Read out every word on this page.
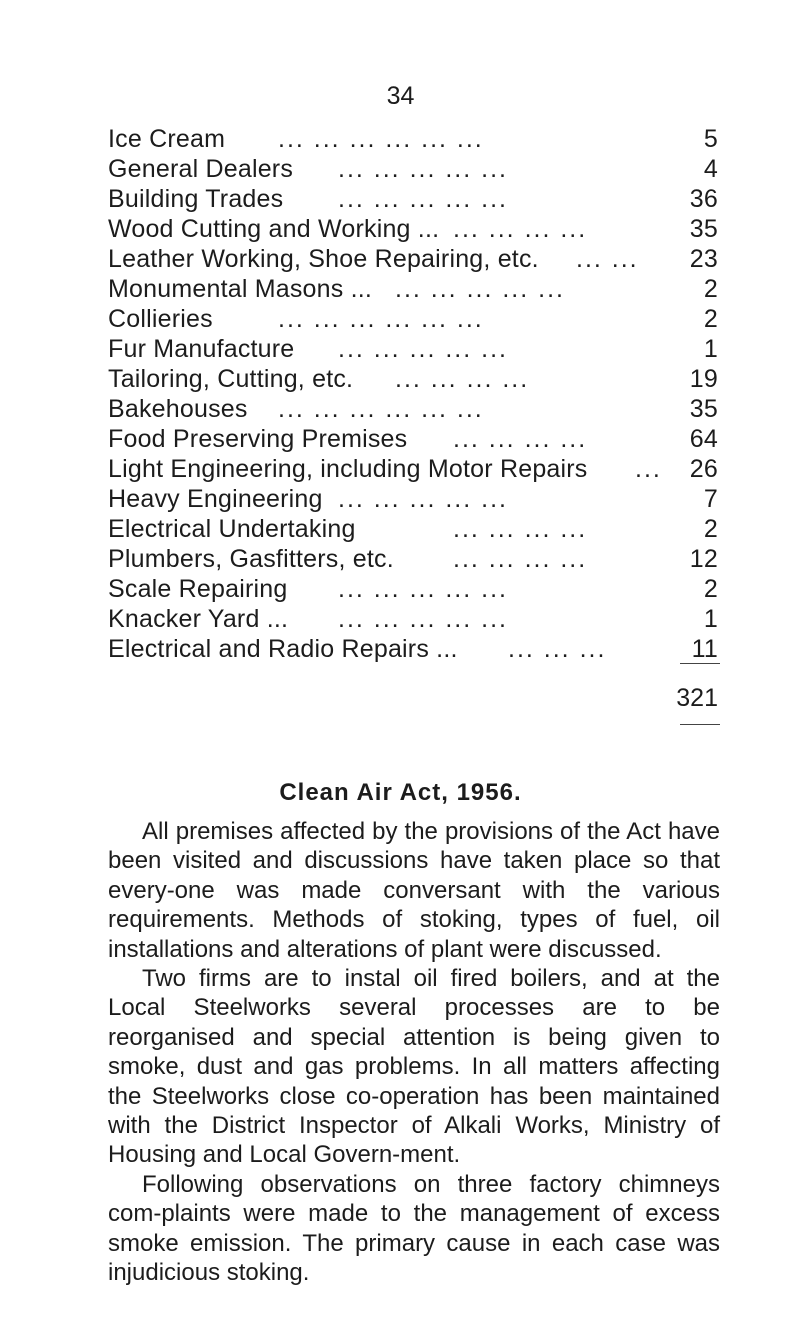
34
Ice Cream ... ... ... ... ... ...	5
General Dealers ... ... ... ... ...	4
Building Trades ... ... ... ... ...	36
Wood Cutting and Working ... ... ... ... ...	35
Leather Working, Shoe Repairing, etc. ... ... 23
Monumental Masons ... ... ... ... ... ...	2
Collieries	... ... ... ... ... ...	2
Fur Manufacture ... ... ... ... ...	1
Tailoring, Cutting, etc. ... ... ... ...	19
Bakehouses ... ... ... ... ... ...	35
Food Preserving Premises ... ... ... ...	64
Light Engineering, including Motor Repairs ... 26
Heavy Engineering ... ... ... ... ...	7
Electrical Undertaking	... ... ... ...	2
Plumbers, Gasfitters, etc. ... ... ... ...	12
Scale Repairing ... ... ... ... ...	2
Knacker Yard ... ... ... ... ... ...	1
Electrical and Radio Repairs ... ... ... ...	11
321
Clean Air Act, 1956.

All premises affected by the provisions of the Act have been visited and discussions have taken place so that every-one was made conversant with the various requirements. Methods of stoking, types of fuel, oil installations and alterations of plant were discussed.

Two firms are to instal oil fired boilers, and at the Local Steelworks several processes are to be reorganised and special attention is being given to smoke, dust and gas problems. In all matters affecting the Steelworks close co-operation has been maintained with the District Inspector of Alkali Works, Ministry of Housing and Local Govern-ment.

Following observations on three factory chimneys com-plaints were made to the management of excess smoke emission. The primary cause in each case was injudicious stoking.
